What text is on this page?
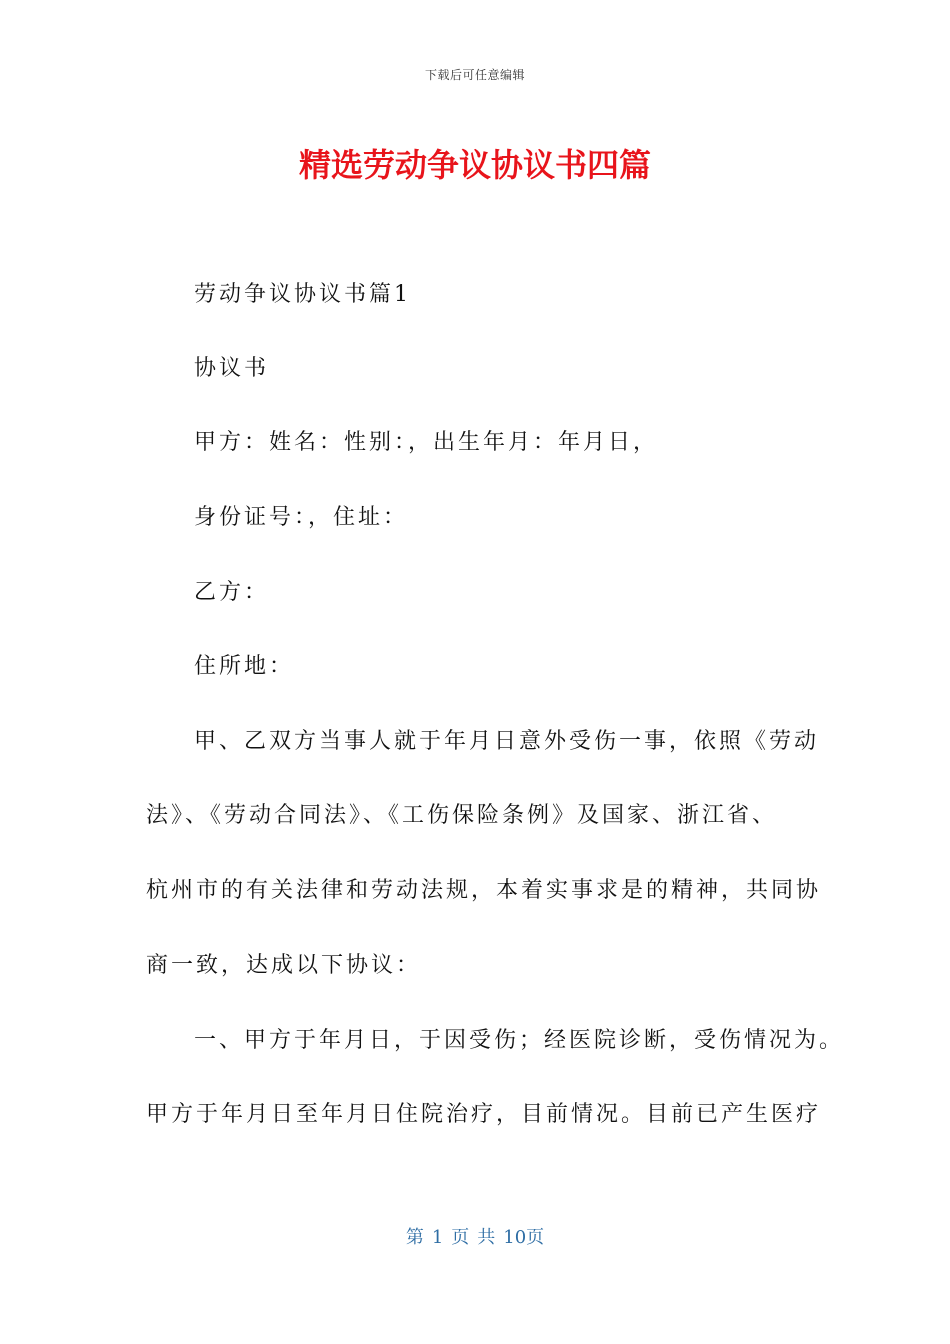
下载后可任意编辑
精选劳动争议协议书四篇

劳动争议协议书篇1

协议书

甲方：姓名：性别：，出生年月：年月日，

身份证号：，住址：

乙方：

住所地：

甲、乙双方当事人就于年月日意外受伤一事，依照《劳动

法》、《劳动合同法》、《工伤保险条例》及国家、浙江省、

杭州市的有关法律和劳动法规，本着实事求是的精神，共同协

商一致，达成以下协议：

一、甲方于年月日，于因受伤；经医院诊断，受伤情况为。

甲方于年月日至年月日住院治疗，目前情况。目前已产生医疗

第 1 页 共 10页
